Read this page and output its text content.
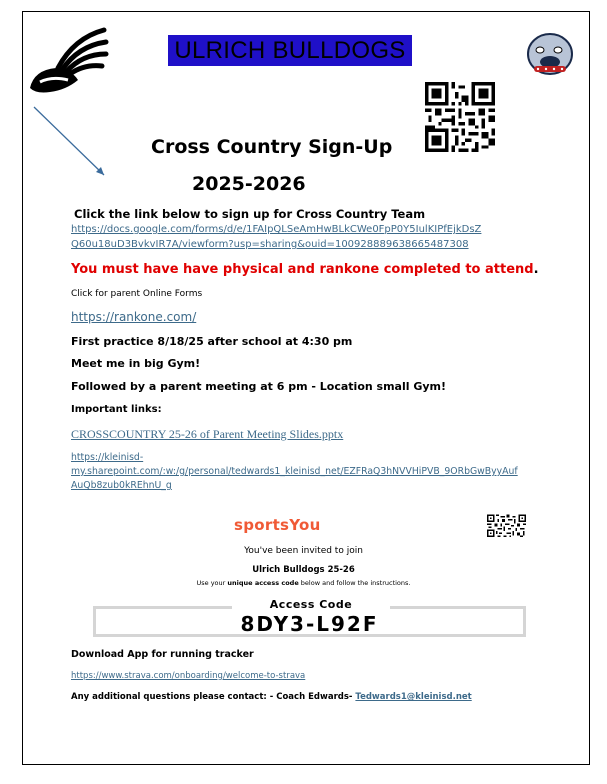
ULRICH BULLDOGS
Cross Country Sign-Up
2025-2026
Click the link below to sign up for Cross Country Team
https://docs.google.com/forms/d/e/1FAIpQLSeAmHwBLkCWe0FpP0Y5IulKIPfEjkDsZ
Q60u18uD3BvkvIR7A/viewform?usp=sharing&ouid=100928889638665487308
You must have have physical and rankone completed to attend.
Click for parent Online Forms
https://rankone.com/
First practice 8/18/25 after school at 4:30 pm
Meet me in big Gym!
Followed by a parent meeting at 6 pm - Location small Gym!
Important links:
CROSSCOUNTRY 25-26 of Parent Meeting Slides.pptx
https://kleinisd-
my.sharepoint.com/:w:/g/personal/tedwards1_kleinisd_net/EZFRaQ3hNVVHiPVB_9ORbGwByyAuf
AuQb8zub0kREhnU_g
sportsYou
You've been invited to join
Ulrich Bulldogs 25-26
Use your unique access code below and follow the instructions.
Access Code
8DY3-L92F
Download App for running tracker
https://www.strava.com/onboarding/welcome-to-strava
Any additional questions please contact: - Coach Edwards- Tedwards1@kleinisd.net
